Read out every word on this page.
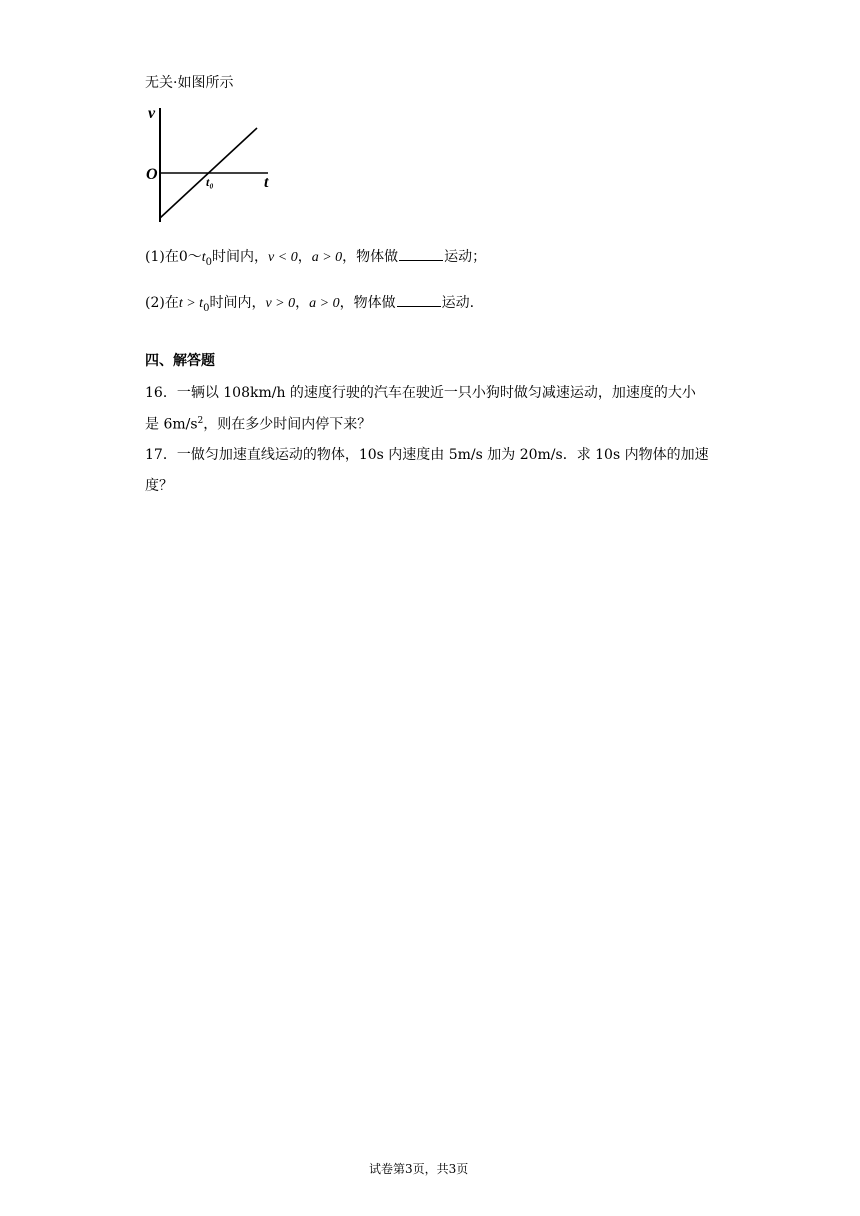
无关·如图所示
v
O	t₀	t
(1)在$0\sim t_0$时间内，v < 0，a > 0，物体做	运动；
(2)在$t > t_0$时间内，v > 0，a > 0，物体做	运动.
四、解答题
16．一辆以 108km/h 的速度行驶的汽车在驶近一只小狗时做匀减速运动，加速度的大小
是 $6m/s^2$，则在多少时间内停下来？
17．一做匀加速直线运动的物体，10s 内速度由 5m/s 加为 20m/s．求 10s 内物体的加速
度？
试卷第3页，共3页
